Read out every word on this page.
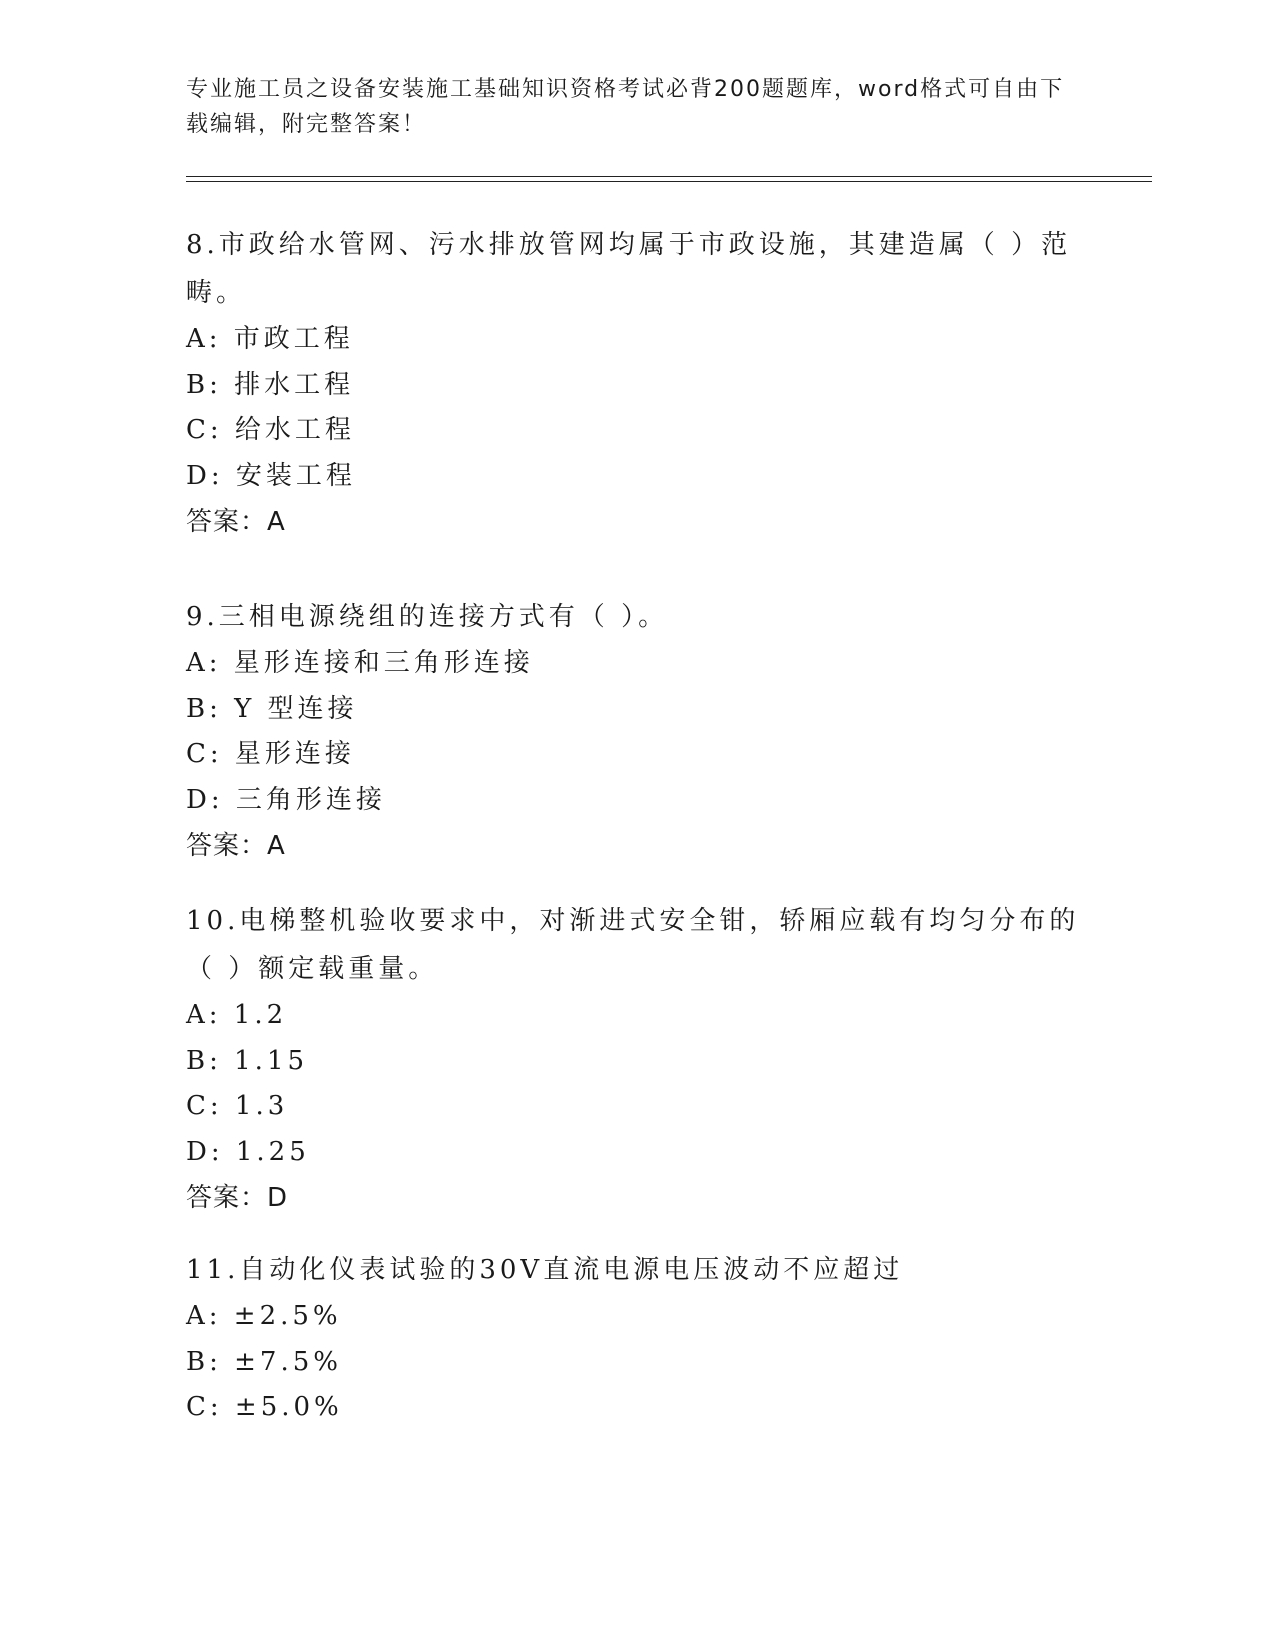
专业施工员之设备安装施工基础知识资格考试必背200题题库，word格式可自由下载编辑，附完整答案！
8.市政给水管网、污水排放管网均属于市政设施，其建造属（ ）范畴。
A: 市政工程
B: 排水工程
C: 给水工程
D: 安装工程
答案：A
9.三相电源绕组的连接方式有（ ）。
A: 星形连接和三角形连接
B: Y 型连接
C: 星形连接
D: 三角形连接
答案：A
10.电梯整机验收要求中，对渐进式安全钳，轿厢应载有均匀分布的（ ）额定载重量。
A: 1.2
B: 1.15
C: 1.3
D: 1.25
答案：D
11.自动化仪表试验的30V直流电源电压波动不应超过
A: ±2.5%
B: ±7.5%
C: ±5.0%
